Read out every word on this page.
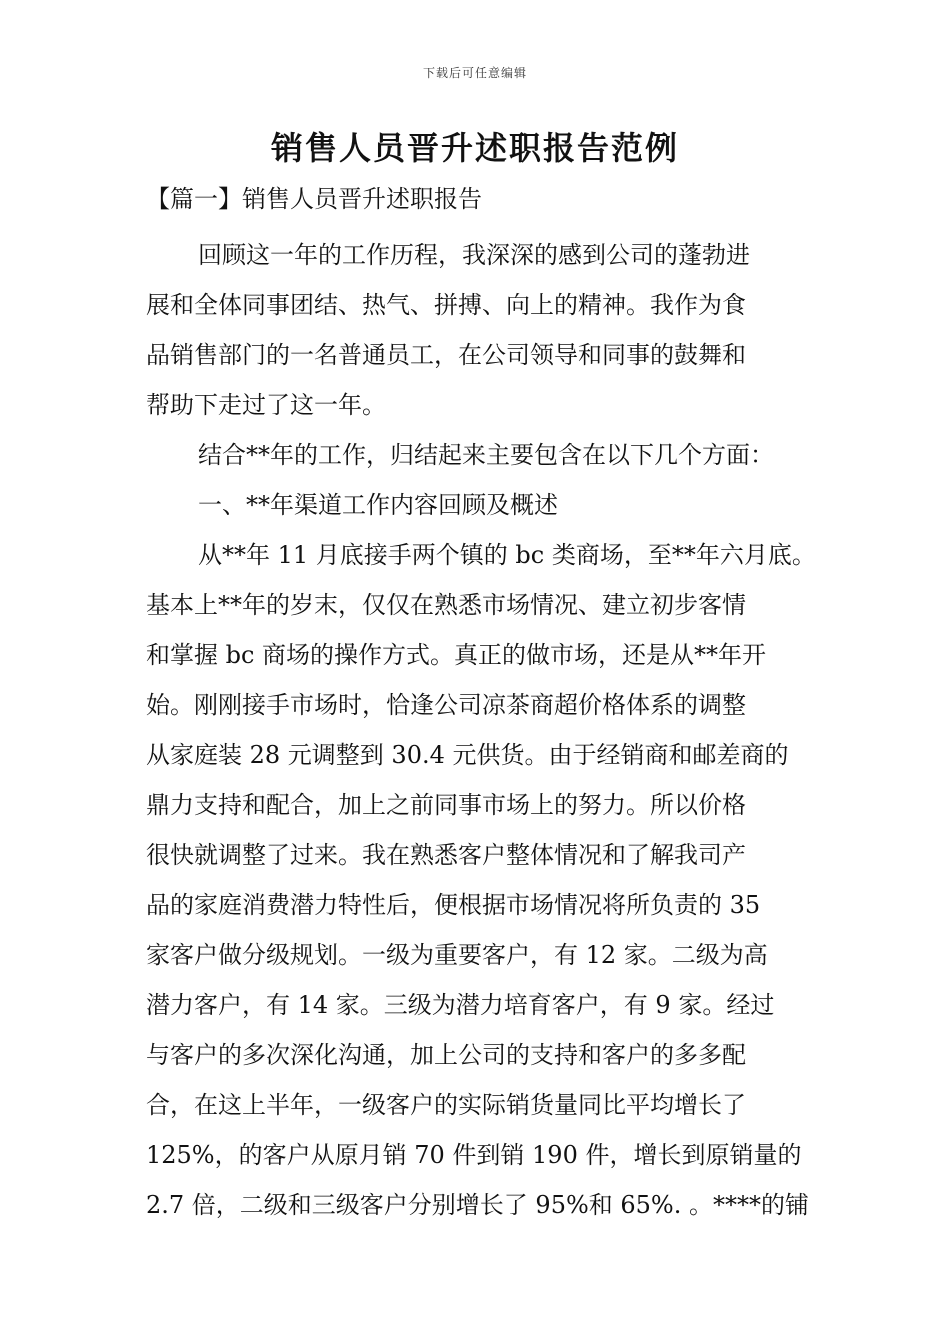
下载后可任意编辑
销售人员晋升述职报告范例
【篇一】销售人员晋升述职报告
回顾这一年的工作历程，我深深的感到公司的蓬勃进
展和全体同事团结、热气、拼搏、向上的精神。我作为食
品销售部门的一名普通员工，在公司领导和同事的鼓舞和
帮助下走过了这一年。
结合**年的工作，归结起来主要包含在以下几个方面：
一、**年渠道工作内容回顾及概述
从**年 11 月底接手两个镇的 bc 类商场，至**年六月底。
基本上**年的岁末，仅仅在熟悉市场情况、建立初步客情
和掌握 bc 商场的操作方式。真正的做市场，还是从**年开
始。刚刚接手市场时，恰逢公司凉茶商超价格体系的调整
从家庭装 28 元调整到 30.4 元供货。由于经销商和邮差商的
鼎力支持和配合，加上之前同事市场上的努力。所以价格
很快就调整了过来。我在熟悉客户整体情况和了解我司产
品的家庭消费潜力特性后，便根据市场情况将所负责的 35
家客户做分级规划。一级为重要客户，有 12 家。二级为高
潜力客户，有 14 家。三级为潜力培育客户，有 9 家。经过
与客户的多次深化沟通，加上公司的支持和客户的多多配
合，在这上半年，一级客户的实际销货量同比平均增长了
125%，的客户从原月销 70 件到销 190 件，增长到原销量的
2.7 倍，二级和三级客户分别增长了 95%和 65%. 。****的铺
